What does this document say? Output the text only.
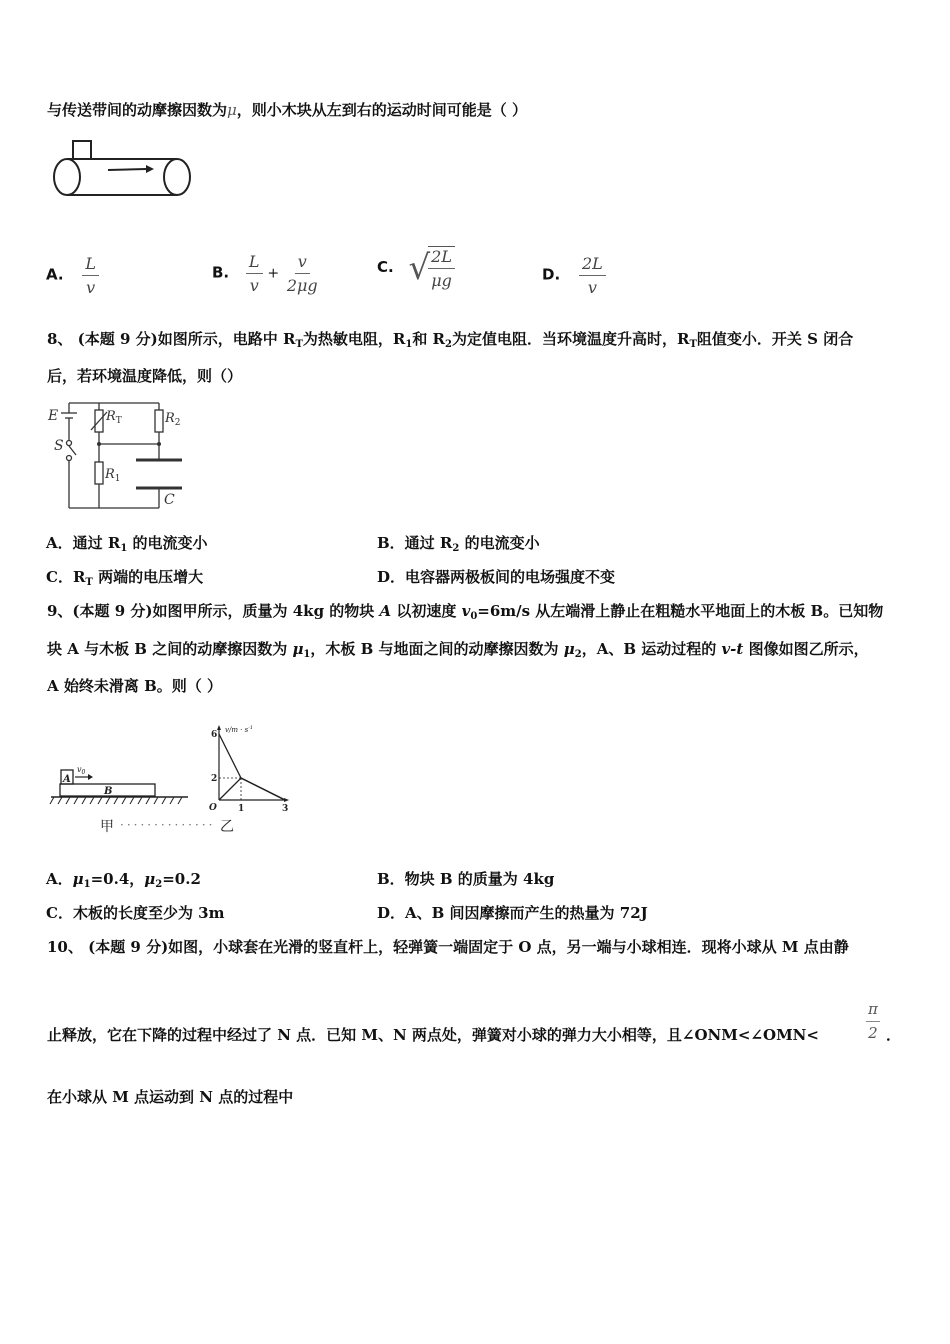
与传送带间的动摩擦因数为μ，则小木块从左到右的运动时间可能是（ ）
A. $\frac{L}{v}$	B. $\frac{L}{v} + \frac{v}{2\mu g}$	C. √
$\frac{2L}{\mu g}$	D. $\frac{2L}{v}$
8、 (本题 9 分)如图所示，电路中 $R_T$为热敏电阻，$R_1$和 $R_2$为定值电阻．当环境温度升高时，$R_T$阻值变小．开关 S 闭合
后，若环境温度降低，则（）
E
S
$R_T$	$R_2$
$R_1$
C
A．通过 $R_1$ 的电流变小	B．通过 $R_2$ 的电流变小
C．$R_T$ 两端的电压增大	D．电容器两极板间的电场强度不变
9、(本题 9 分)如图甲所示，质量为 4kg 的物块 A 以初速度 $v_0=6m/s$ 从左端滑上静止在粗糙水平地面上的木板 B。已知物
块 A 与木板 B 之间的动摩擦因数为 $\mu_1$，木板 B 与地面之间的动摩擦因数为 $\mu_2$，A、B 运动过程的 v-t 图像如图乙所示，
A 始终未滑离 B。则（ ）
A
$v_0$
B
甲 ·············· 乙
$v/m \cdot s^{-1}$
O
2
6
1	3
A．$\mu_1=0.4$，$\mu_2=0.2$	B．物块 B 的质量为 4kg
C．木板的长度至少为 3m	D．A、B 间因摩擦而产生的热量为 72J
10、 (本题 9 分)如图，小球套在光滑的竖直杆上，轻弹簧一端固定于 O 点，另一端与小球相连．现将小球从 M 点由静
止释放，它在下降的过程中经过了 N 点．已知 M、N 两点处，弹簧对小球的弹力大小相等，且∠ONM<∠OMN<
π
2 ．
在小球从 M 点运动到 N 点的过程中
